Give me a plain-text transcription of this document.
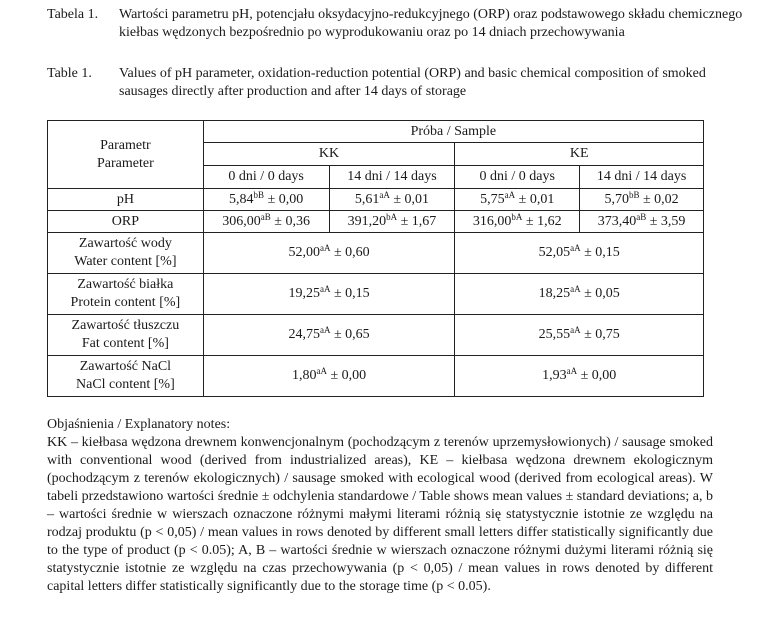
Tabela 1. Wartości parametru pH, potencjału oksydacyjno-redukcyjnego (ORP) oraz podstawowego składu chemicznego kiełbas wędzonych bezpośrednio po wyprodukowaniu oraz po 14 dniach przechowywania
Table 1. Values of pH parameter, oxidation-reduction potential (ORP) and basic chemical composition of smoked sausages directly after production and after 14 days of storage
Parametr
Parameter	Próba / Sample			
	KK		KE	
	0 dni / 0 days	14 dni / 14 days	0 dni / 0 days	14 dni / 14 days
pH	$5,84^{bB} \pm 0,00$	$5,61^{aA} \pm 0,01$	$5,75^{aA} \pm 0,01$	$5,70^{bB} \pm 0,02$
ORP	$306,00^{aB} \pm 0,36$	$391,20^{bA} \pm 1,67$	$316,00^{bA} \pm 1,62$	$373,40^{aB} \pm 3,59$
Zawartość wody
Water content [%]	$52,00^{aA} \pm 0,60$		$52,05^{aA} \pm 0,15$	
Zawartość białka
Protein content [%]	$19,25^{aA} \pm 0,15$		$18,25^{aA} \pm 0,05$	
Zawartość tłuszczu
Fat content [%]	$24,75^{aA} \pm 0,65$		$25,55^{aA} \pm 0,75$	
Zawartość NaCl
NaCl content [%]	$1,80^{aA} \pm 0,00$		$1,93^{aA} \pm 0,00$	
Objaśnienia / Explanatory notes:
KK – kiełbasa wędzona drewnem konwencjonalnym (pochodzącym z terenów uprzemysłowionych) / sausage smoked with conventional wood (derived from industrialized areas), KE – kiełbasa wędzona drewnem ekologicznym (pochodzącym z terenów ekologicznych) / sausage smoked with ecological wood (derived from ecological areas). W tabeli przedstawiono wartości średnie ± odchylenia standardowe / Table shows mean values ± standard deviations; a, b – wartości średnie w wierszach oznaczone różnymi małymi literami różnią się statystycznie istotnie ze względu na rodzaj produktu (p < 0,05) / mean values in rows denoted by different small letters differ statistically significantly due to the type of product (p < 0.05); A, B – wartości średnie w wierszach oznaczone różnymi dużymi literami różnią się statystycznie istotnie ze względu na czas przechowywania (p < 0,05) / mean values in rows denoted by different capital letters differ statistically significantly due to the storage time (p < 0.05).
